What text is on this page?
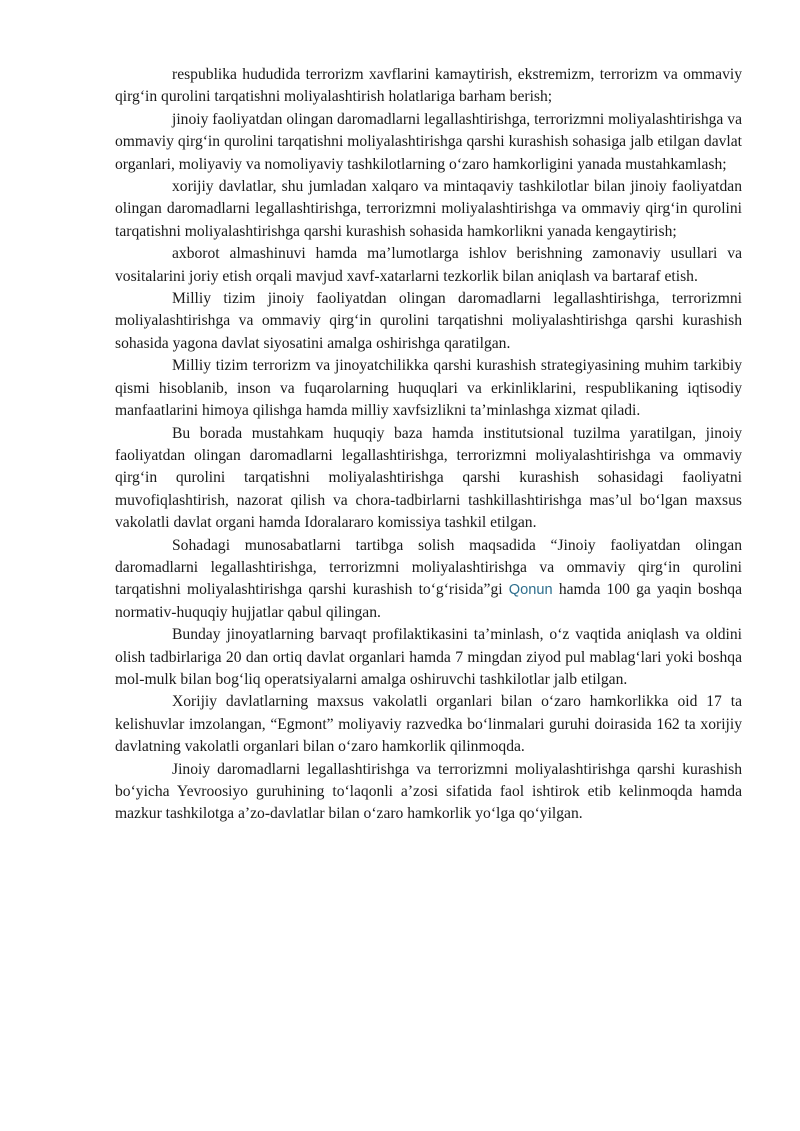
respublika hududida terrorizm xavflarini kamaytirish, ekstremizm, terrorizm va ommaviy qirg‘in qurolini tarqatishni moliyalashtirish holatlariga barham berish;

jinoiy faoliyatdan olingan daromadlarni legallashtirishga, terrorizmni moliyalashtirishga va ommaviy qirg‘in qurolini tarqatishni moliyalashtirishga qarshi kurashish sohasiga jalb etilgan davlat organlari, moliyaviy va nomoliyaviy tashkilotlarning o‘zaro hamkorligini yanada mustahkamlash;

xorijiy davlatlar, shu jumladan xalqaro va mintaqaviy tashkilotlar bilan jinoiy faoliyatdan olingan daromadlarni legallashtirishga, terrorizmni moliyalashtirishga va ommaviy qirg‘in qurolini tarqatishni moliyalashtirishga qarshi kurashish sohasida hamkorlikni yanada kengaytirish;

axborot almashinuvi hamda ma’lumotlarga ishlov berishning zamonaviy usullari va vositalarini joriy etish orqali mavjud xavf-xatarlarni tezkorlik bilan aniqlash va bartaraf etish.

Milliy tizim jinoiy faoliyatdan olingan daromadlarni legallashtirishga, terrorizmni moliyalashtirishga va ommaviy qirg‘in qurolini tarqatishni moliyalashtirishga qarshi kurashish sohasida yagona davlat siyosatini amalga oshirishga qaratilgan.

Milliy tizim terrorizm va jinoyatchilikka qarshi kurashish strategiyasining muhim tarkibiy qismi hisoblanib, inson va fuqarolarning huquqlari va erkinliklarini, respublikaning iqtisodiy manfaatlarini himoya qilishga hamda milliy xavfsizlikni ta’minlashga xizmat qiladi.

Bu borada mustahkam huquqiy baza hamda institutsional tuzilma yaratilgan, jinoiy faoliyatdan olingan daromadlarni legallashtirishga, terrorizmni moliyalashtirishga va ommaviy qirg‘in qurolini tarqatishni moliyalashtirishga qarshi kurashish sohasidagi faoliyatni muvofiqlashtirish, nazorat qilish va chora-tadbirlarni tashkillashtirishga mas’ul bo‘lgan maxsus vakolatli davlat organi hamda Idoralararo komissiya tashkil etilgan.

Sohadagi munosabatlarni tartibga solish maqsadida “Jinoiy faoliyatdan olingan daromadlarni legallashtirishga, terrorizmni moliyalashtirishga va ommaviy qirg‘in qurolini tarqatishni moliyalashtirishga qarshi kurashish to‘g‘risida”gi Qonun hamda 100 ga yaqin boshqa normativ-huquqiy hujjatlar qabul qilingan.

Bunday jinoyatlarning barvaqt profilaktikasini ta’minlash, o‘z vaqtida aniqlash va oldini olish tadbirlariga 20 dan ortiq davlat organlari hamda 7 mingdan ziyod pul mablag‘lari yoki boshqa mol-mulk bilan bog‘liq operatsiyalarni amalga oshiruvchi tashkilotlar jalb etilgan.

Xorijiy davlatlarning maxsus vakolatli organlari bilan o‘zaro hamkorlikka oid 17 ta kelishuvlar imzolangan, “Egmont” moliyaviy razvedka bo‘linmalari guruhi doirasida 162 ta xorijiy davlatning vakolatli organlari bilan o‘zaro hamkorlik qilinmoqda.

Jinoiy daromadlarni legallashtirishga va terrorizmni moliyalashtirishga qarshi kurashish bo‘yicha Yevroosiyo guruhining to‘laqonli a’zosi sifatida faol ishtirok etib kelinmoqda hamda mazkur tashkilotga a’zo-davlatlar bilan o‘zaro hamkorlik yo‘lga qo‘yilgan.
